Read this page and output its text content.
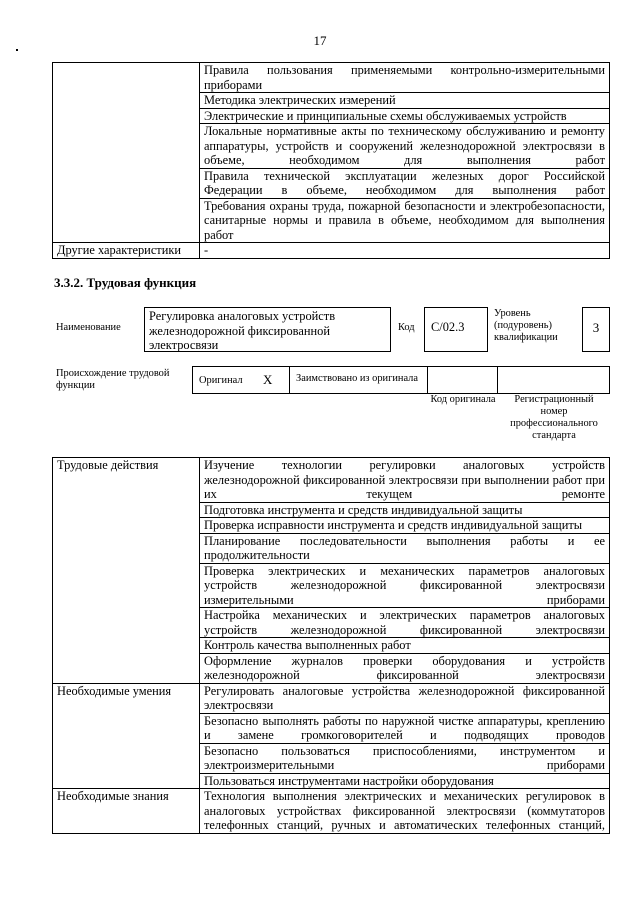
17
	Правила пользования применяемыми контрольно-измерительными приборами
	Методика электрических измерений
	Электрические и принципиальные схемы обслуживаемых устройств
	Локальные нормативные акты по техническому обслуживанию и ремонту аппаратуры, устройств и сооружений железнодорожной электросвязи в объеме, необходимом для выполнения работ
	Правила технической эксплуатации железных дорог Российской Федерации в объеме, необходимом для выполнения работ
	Требования охраны труда, пожарной безопасности и электробезопасности, санитарные нормы и правила в объеме, необходимом для выполнения работ
Другие характеристики	-
3.3.2. Трудовая функция
Наименование
Регулировка аналоговых устройств железнодорожной фиксированной электросвязи
Код	C/02.3
Уровень (подуровень) квалификации
3
Происхождение трудовой функции	Оригинал X	Заимствовано из оригинала
Код оригинала	Регистрационный номер профессионального стандарта
Трудовые действия	Изучение технологии регулировки аналоговых устройств железнодорожной фиксированной электросвязи при выполнении работ при их текущем ремонте
	Подготовка инструмента и средств индивидуальной защиты
	Проверка исправности инструмента и средств индивидуальной защиты
	Планирование последовательности выполнения работы и ее продолжительности
	Проверка электрических и механических параметров аналоговых устройств железнодорожной фиксированной электросвязи измерительными приборами
	Настройка механических и электрических параметров аналоговых устройств железнодорожной фиксированной электросвязи
	Контроль качества выполненных работ
	Оформление журналов проверки оборудования и устройств железнодорожной фиксированной электросвязи
Необходимые умения	Регулировать аналоговые устройства железнодорожной фиксированной электросвязи
	Безопасно выполнять работы по наружной чистке аппаратуры, креплению и замене громкоговорителей и подводящих проводов
	Безопасно пользоваться приспособлениями, инструментом и электроизмерительными приборами
	Пользоваться инструментами настройки оборудования
Необходимые знания	Технология выполнения электрических и механических регулировок в аналоговых устройствах фиксированной электросвязи (коммутаторов телефонных станций, ручных и автоматических телефонных станций,
